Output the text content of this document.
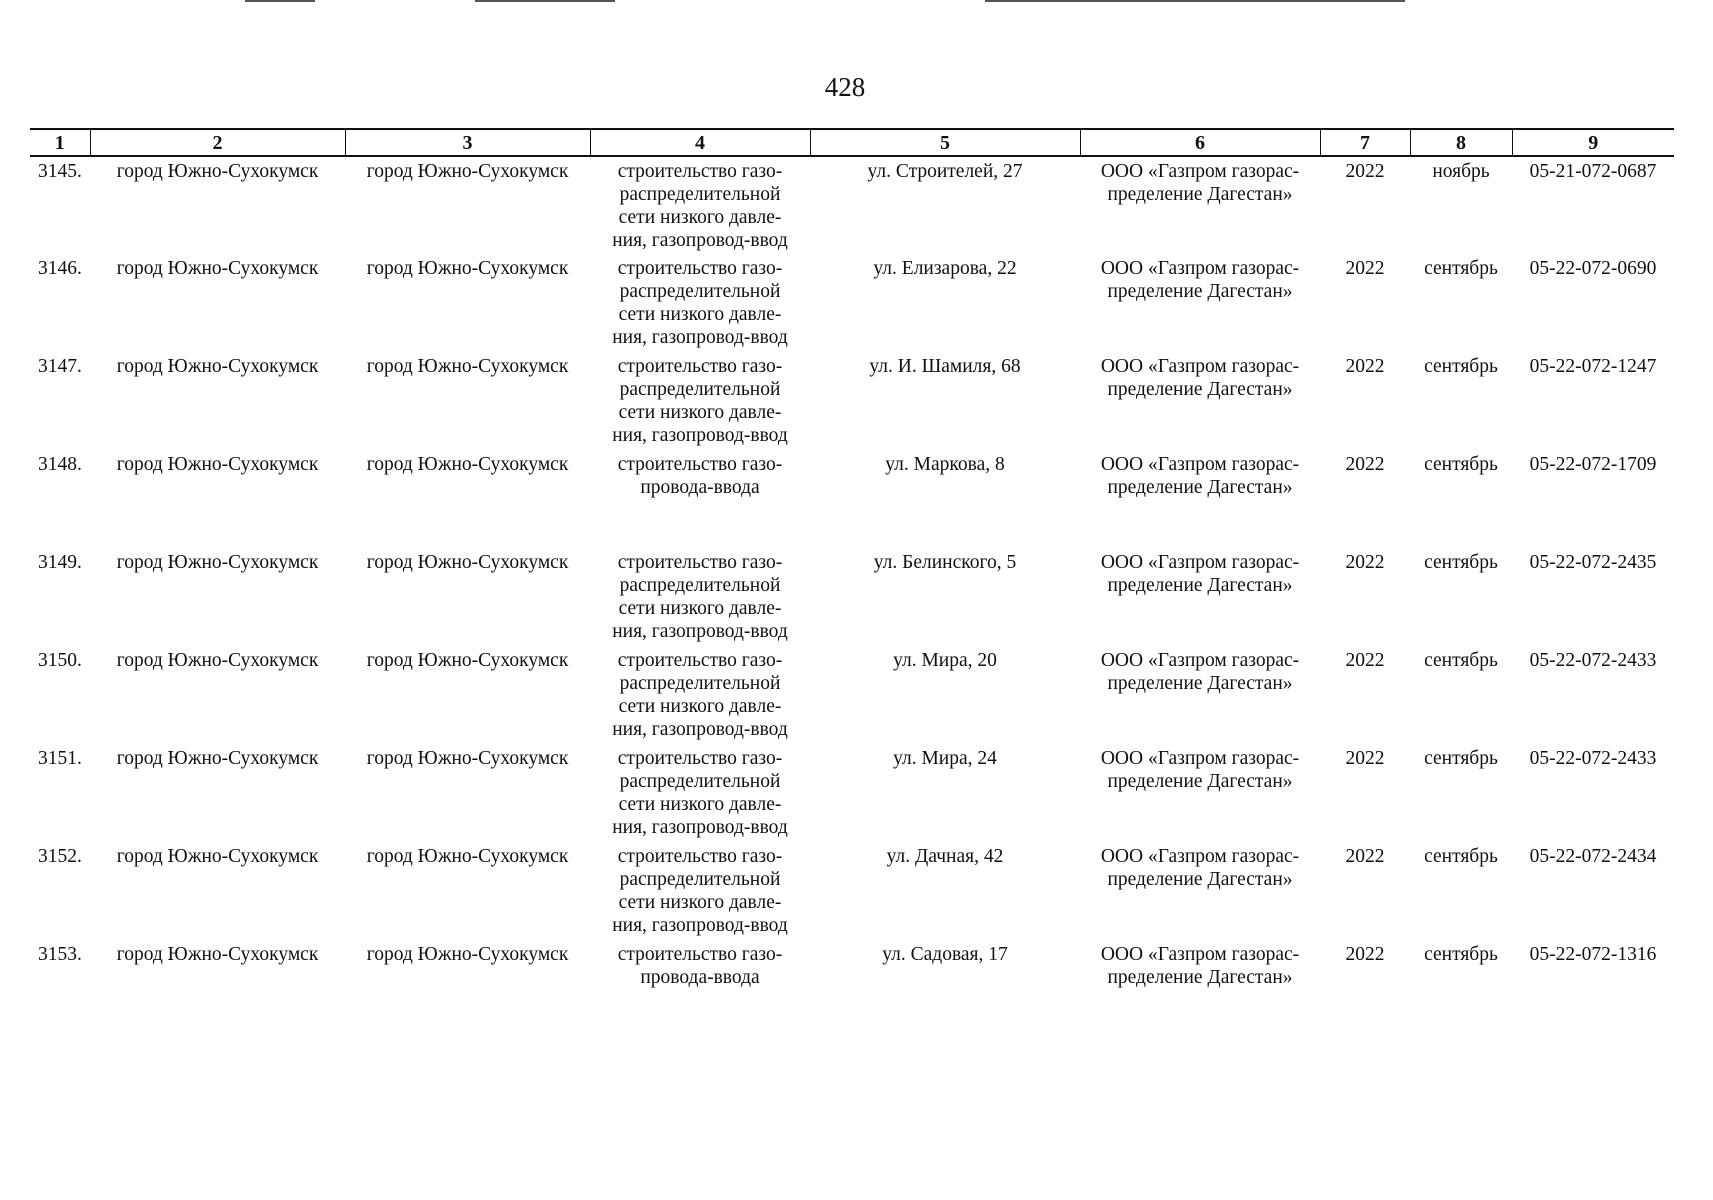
428
1	2	3	4	5	6	7	8	9
3145.	город Южно-Сухокумск	город Южно-Сухокумск	строительство газо-
распределительной
сети низкого давле-
ния, газопровод-ввод	ул. Строителей, 27	ООО «Газпром газорас-
пределение Дагестан»	2022	ноябрь	05-21-072-0687
3146.	город Южно-Сухокумск	город Южно-Сухокумск	строительство газо-
распределительной
сети низкого давле-
ния, газопровод-ввод	ул. Елизарова, 22	ООО «Газпром газорас-
пределение Дагестан»	2022	сентябрь	05-22-072-0690
3147.	город Южно-Сухокумск	город Южно-Сухокумск	строительство газо-
распределительной
сети низкого давле-
ния, газопровод-ввод	ул. И. Шамиля, 68	ООО «Газпром газорас-
пределение Дагестан»	2022	сентябрь	05-22-072-1247
3148.	город Южно-Сухокумск	город Южно-Сухокумск	строительство газо-
провода-ввода	ул. Маркова, 8	ООО «Газпром газорас-
пределение Дагестан»	2022	сентябрь	05-22-072-1709
3149.	город Южно-Сухокумск	город Южно-Сухокумск	строительство газо-
распределительной
сети низкого давле-
ния, газопровод-ввод	ул. Белинского, 5	ООО «Газпром газорас-
пределение Дагестан»	2022	сентябрь	05-22-072-2435
3150.	город Южно-Сухокумск	город Южно-Сухокумск	строительство газо-
распределительной
сети низкого давле-
ния, газопровод-ввод	ул. Мира, 20	ООО «Газпром газорас-
пределение Дагестан»	2022	сентябрь	05-22-072-2433
3151.	город Южно-Сухокумск	город Южно-Сухокумск	строительство газо-
распределительной
сети низкого давле-
ния, газопровод-ввод	ул. Мира, 24	ООО «Газпром газорас-
пределение Дагестан»	2022	сентябрь	05-22-072-2433
3152.	город Южно-Сухокумск	город Южно-Сухокумск	строительство газо-
распределительной
сети низкого давле-
ния, газопровод-ввод	ул. Дачная, 42	ООО «Газпром газорас-
пределение Дагестан»	2022	сентябрь	05-22-072-2434
3153.	город Южно-Сухокумск	город Южно-Сухокумск	строительство газо-
провода-ввода	ул. Садовая, 17	ООО «Газпром газорас-
пределение Дагестан»	2022	сентябрь	05-22-072-1316
